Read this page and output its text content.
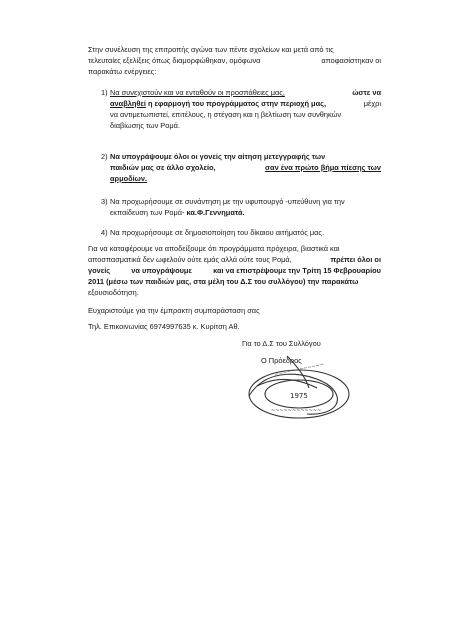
Στην συνέλευση της επιτροπής αγώνα των πέντε σχολείων και μετά από τις
τελευταίες εξελίξεις όπως διαμορφώθηκαν, ομόφωνα	αποφασίστηκαν οι
παρακάτω ενέργειες:
1) Να συνεχιστούν και να ενταθούν οι προσπάθειες μας,	ώστε να
αναβληθεί η εφαρμογή του προγράμματος στην περιοχή μας,	μέχρι
να αντιμετωπιστεί, επιτέλους, η στέγαση και η βελτίωση των συνθηκών
διαβίωσης των Ρομά.
2) Να υπογράψουμε όλοι οι γονείς την αίτηση μετεγγραφής των
παιδιών μας σε άλλο σχολείο,	σαν ένα πρώτο βήμα πίεσης των
αρμοδίων.
3) Να προχωρήσουμε σε συνάντηση με την υφυπουργό -υπεύθυνη για την
εκπαίδευση των Ρομά- κα.Φ.Γεννηματά.
4) Να προχωρήσουμε σε δημοσιοποίηση του δίκαιου αιτήματός μας.
Για να καταφέρουμε να αποδείξουμε ότι προγράμματα πρόχειρα, βιαστικά και
αποσπασματικά δεν ωφελούν ούτε εμάς αλλά ούτε τους Ρομά,	πρέπει όλοι οι
γονείς	να υπογράψουμε	και να επιστρέψουμε την Τρίτη 15 Φεβρουαρίου
2011 (μέσω των παιδιών μας, στα μέλη του Δ.Σ του συλλόγου) την παρακάτω
εξουσιοδότηση.
Ευχαριστούμε για την έμπρακτη συμπαράσταση σας
Τηλ. Επικοινωνίας 6974997635 κ. Κυρίτση Αθ.
Για το Δ.Σ του Συλλόγου
Ο Πρόεδρος
~~~~~~~~~~~~
~~~~~~~~~~~~
1975
